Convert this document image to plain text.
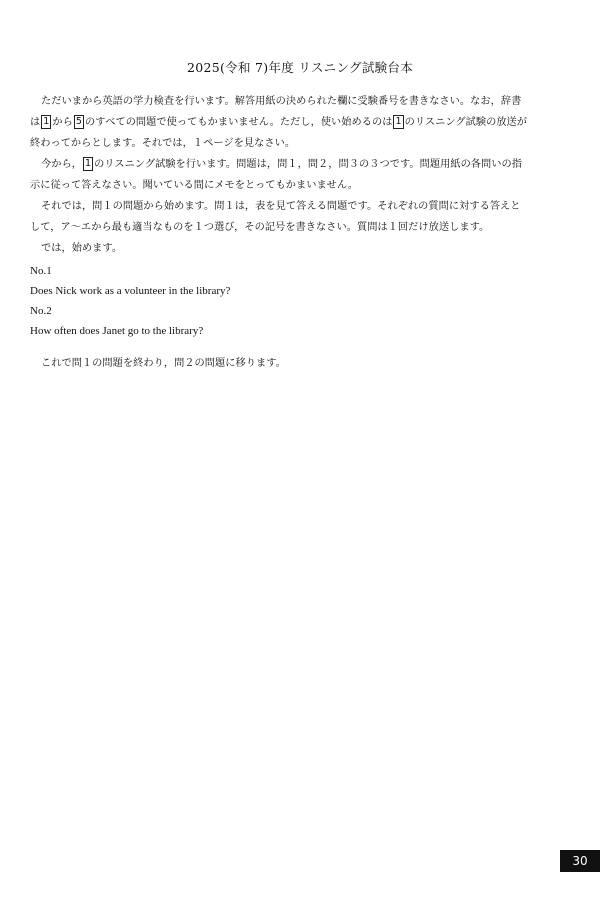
2025(令和 7)年度 リスニング試験台本
ただいまから英語の学力検査を行います。解答用紙の決められた欄に受験番号を書きなさい。なお，辞書
は 1 から 5 のすべての問題で使ってもかまいません。ただし，使い始めるのは 1 のリスニング試験の放送が
終わってからとします。それでは，１ページを見なさい。
今から， 1 のリスニング試験を行います。問題は，問１，問２，問３の３つです。問題用紙の各問いの指
示に従って答えなさい。聞いている間にメモをとってもかまいません。
それでは，問１の問題から始めます。問１は，表を見て答える問題です。それぞれの質問に対する答えと
して，ア～エから最も適当なものを１つ選び，その記号を書きなさい。質問は１回だけ放送します。
では，始めます。
No.1
Does Nick work as a volunteer in the library?
No.2
How often does Janet go to the library?
これで問１の問題を終わり，問２の問題に移ります。
30
